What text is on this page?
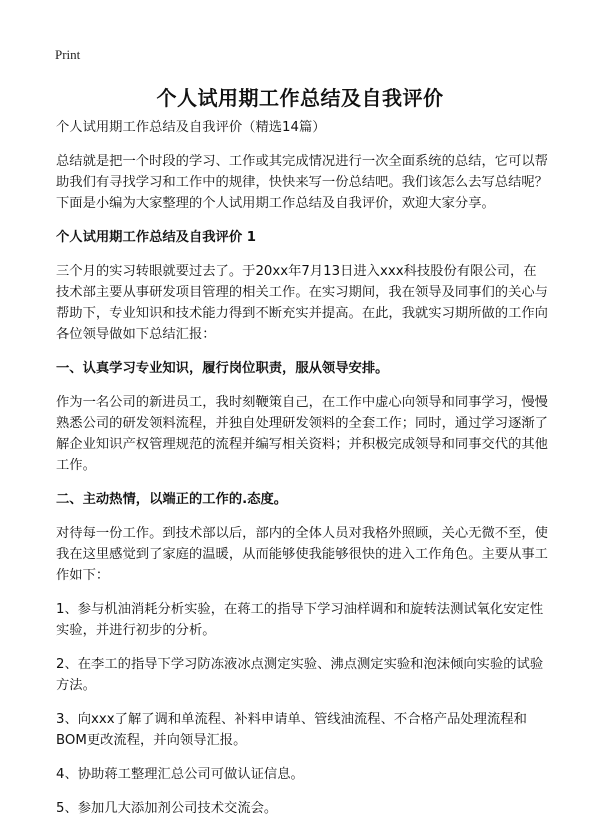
Print
个人试用期工作总结及自我评价

个人试用期工作总结及自我评价（精选14篇）

总结就是把一个时段的学习、工作或其完成情况进行一次全面系统的总结，它可以帮助我们有寻找学习和工作中的规律，快快来写一份总结吧。我们该怎么去写总结呢？下面是小编为大家整理的个人试用期工作总结及自我评价，欢迎大家分享。

个人试用期工作总结及自我评价 1

三个月的实习转眼就要过去了。于20xx年7月13日进入xxx科技股份有限公司，在技术部主要从事研发项目管理的相关工作。在实习期间，我在领导及同事们的关心与帮助下，专业知识和技术能力得到不断充实并提高。在此，我就实习期所做的工作向各位领导做如下总结汇报：

一、认真学习专业知识，履行岗位职责，服从领导安排。

作为一名公司的新进员工，我时刻鞭策自己，在工作中虚心向领导和同事学习，慢慢熟悉公司的研发领料流程，并独自处理研发领料的全套工作；同时，通过学习逐渐了解企业知识产权管理规范的流程并编写相关资料；并积极完成领导和同事交代的其他工作。

二、主动热情，以端正的工作的.态度。

对待每一份工作。到技术部以后，部内的全体人员对我格外照顾，关心无微不至，使我在这里感觉到了家庭的温暖，从而能够使我能够很快的进入工作角色。主要从事工作如下：

1、参与机油消耗分析实验，在蒋工的指导下学习油样调和和旋转法测试氧化安定性实验，并进行初步的分析。

2、在李工的指导下学习防冻液冰点测定实验、沸点测定实验和泡沫倾向实验的试验方法。

3、向xxx了解了调和单流程、补料申请单、管线油流程、不合格产品处理流程和BOM更改流程，并向领导汇报。

4、协助蒋工整理汇总公司可做认证信息。

5、参加几大添加剂公司技术交流会。
